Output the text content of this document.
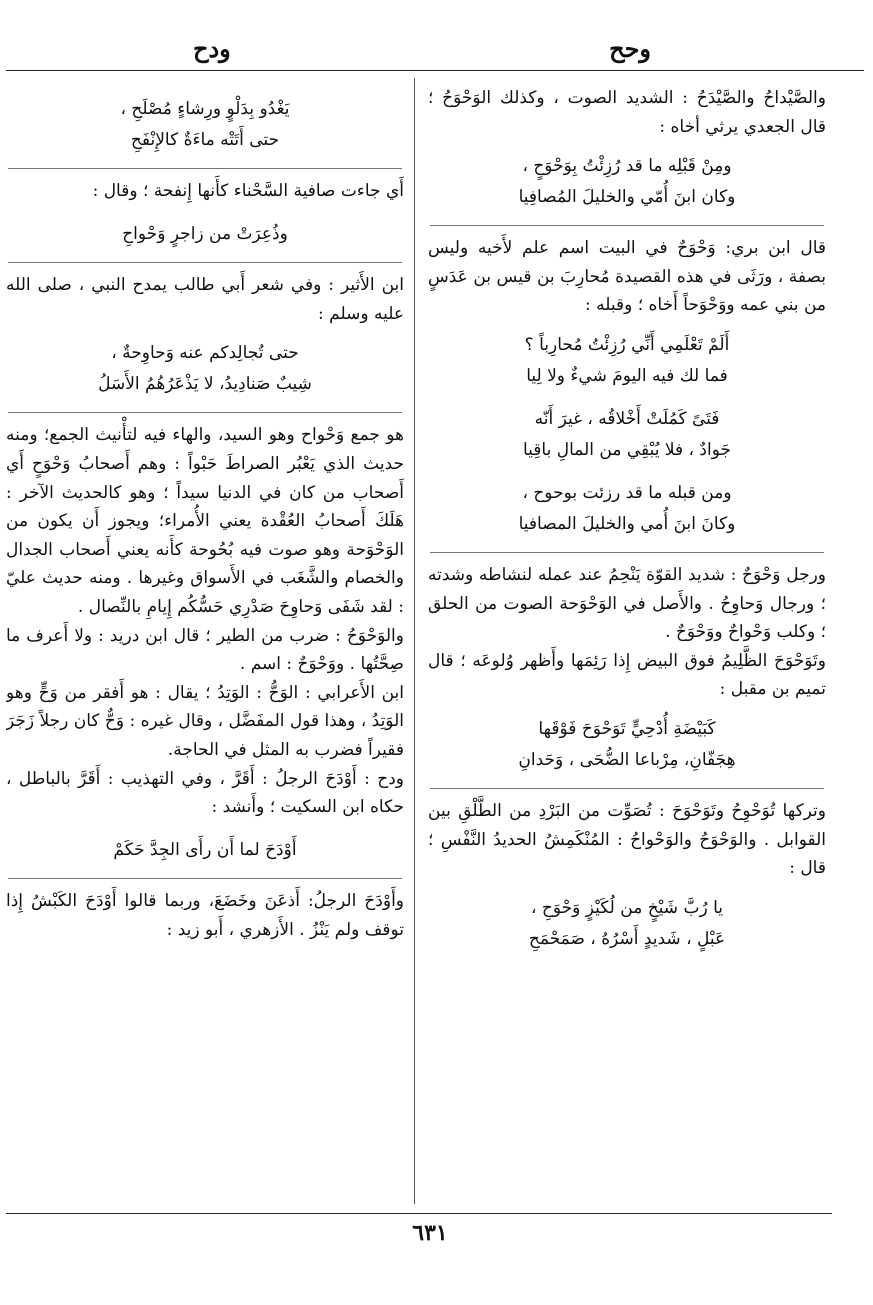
وحح
ودح

والصَّيْداحُ والصَّيْدَحُ : الشديد الصوت ، وكذلك الوَحْوَحُ ؛ قال الجعدي يرثي أخاه :

ومِنْ قَبْلِه ما قد رُزِئْتُ بِوَحْوَحٍ ،
وكان ابنَ أُمّي والخليلَ المُصافِيا

قال ابن بري: وَحْوَحٌ في البيت اسم علم لأَخيه وليس بصفة ، ورَثَى في هذه القصيدة مُحارِبَ بن قيس بن عَدَسٍ من بني عمه ووَحْوَحاً أَخاه ؛ وقبله :

أَلَمْ تَعْلَمِي أَنِّي رُزِئْتُ مُحارِباً ؟
فما لك فيه اليومَ شيءٌ ولا لِيا
فَتَىً كَمُلَتْ أَخْلاقُه ، غيرَ أَنّه
جَوادٌ ، فلا يُبْقِي من المالِ باقِيا
ومن قبله ما قد رزئت بوحوح ،
وكانَ ابنَ أُمي والخليلَ المصافيا

ورجل وَحْوَحٌ : شديد القوّة يَنْحِمُ عند عمله لنشاطه وشدته ؛ ورجال وَحاوِحُ . والأَصل في الوَحْوَحة الصوت من الحلق ؛ وكلب وَحْواحٌ ووَحْوَحٌ .

وتَوَحْوَحَ الظَّلِيمُ فوق البيض إِذا رَئِمَها وأَظهر وُلوعَه ؛ قال تميم بن مقبل :

كَبَيْضَةِ أُدْحِيٍّ تَوَحْوَحَ فَوْقَها
هِجَفّانِ، مِرْباعا الضُّحَى ، وَحَدانِ

وتركها تُوَحْوِحُ وتَوَحْوَحَ : تُصَوِّت من البَرْدِ من الطَّلْقِ بين القوابل . والوَحْوَحُ والوَحْواحُ : المُنْكَمِشُ الحديدُ النَّفْسِ ؛ قال :

يا رُبَّ شَيْخٍ من لُكَيْزٍ وَحْوَحِ ،
عَبْلٍ ، شَديدٍ أَسْرُهُ ، صَمَحْمَحِ
يَغْدُو بِدَلْوٍ ورِشاءٍ مُصْلَحِ ،
حتى أَتَتْه ماءَةٌ كالإِنْفَحِ

أَي جاءت صافية السَّحْناء كأَنها إِنفحة ؛ وقال :

وذُعِرَتْ من زاجرٍ وَحْواحِ

ابن الأَثير : وفي شعر أَبي طالب يمدح النبي ، صلى الله عليه وسلم :

حتى تُجالِدكم عنه وَحاوِحةٌ ،
شِيبٌ صَنادِيدُ، لا يَذْعَرُهُمُ الأَسَلُ

هو جمع وَحْواح وهو السيد، والهاء فيه لتأْنيث الجمع؛ ومنه حديث الذي يَعْبُر الصراطَ حَبْواً : وهم أَصحابُ وَحْوَحٍ أَي أَصحاب من كان في الدنيا سيداً ؛ وهو كالحديث الآخر : هَلَكَ أَصحابُ العُقْدة يعني الأُمراء؛ ويجوز أَن يكون من الوَحْوَحة وهو صوت فيه بُحُوحة كأَنه يعني أَصحاب الجدال والخصام والشَّغَب في الأَسواق وغيرها . ومنه حديث عليّ : لقد شَفَى وَحاوِحَ صَدْرِي حَسُّكُم إِيامِ بالنِّصال .

والوَحْوَحُ : ضرب من الطير ؛ قال ابن دريد : ولا أَعرف ما صِحَّتُها . ووَحْوَحٌ : اسم .

ابن الأَعرابي : الوَحُّ : الوَتِدُ ؛ يقال : هو أَفقر من وَحٍّ وهو الوَتِدُ ، وهذا قول المفَضَّل ، وقال غيره : وَحٌّ كان رجلاً زَجَرَ فقيراً فضرب به المثل في الحاجة.

ودح : أَوْدَحَ الرجلُ : أَقَرَّ ، وفي التهذيب : أَقَرَّ بالباطل ، حكاه ابن السكيت ؛ وأَنشد :

أَوْدَحَ لما أَن رأَى الجِدَّ حَكَمْ

وأَوْدَحَ الرجلُ: أَذعَنَ وخَضَعَ، وربما قالوا أَوْدَحَ الكَبْشُ إِذا توقف ولم يَنْزُ . الأَزهري ، أَبو زيد :

٦٣١
